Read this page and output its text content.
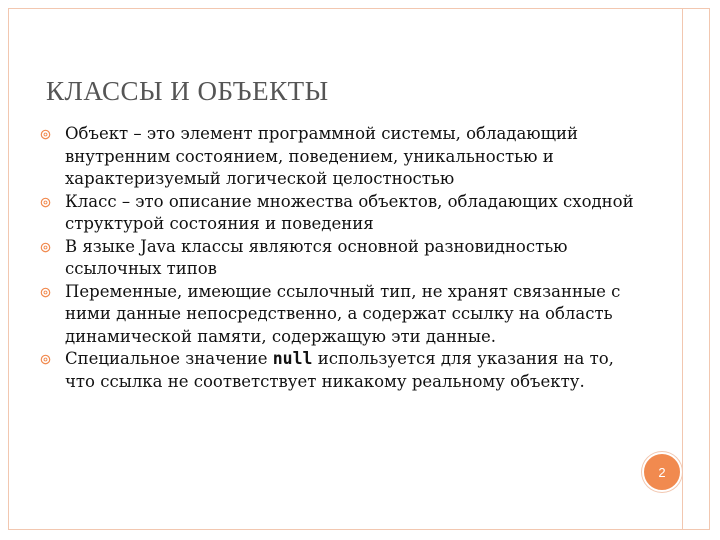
КЛАССЫ И ОБЪЕКТЫ
Объект – это элемент программной системы, обладающий внутренним состоянием, поведением, уникальностью и характеризуемый логической целостностью
Класс – это описание множества объектов, обладающих сходной структурой состояния и поведения
В языке Java классы являются основной разновидностью ссылочных типов
Переменные, имеющие ссылочный тип, не хранят связанные с ними данные непосредственно, а содержат ссылку на область динамической памяти, содержащую эти данные.
Специальное значение null используется для указания на то, что ссылка не соответствует никакому реальному объекту.
2
